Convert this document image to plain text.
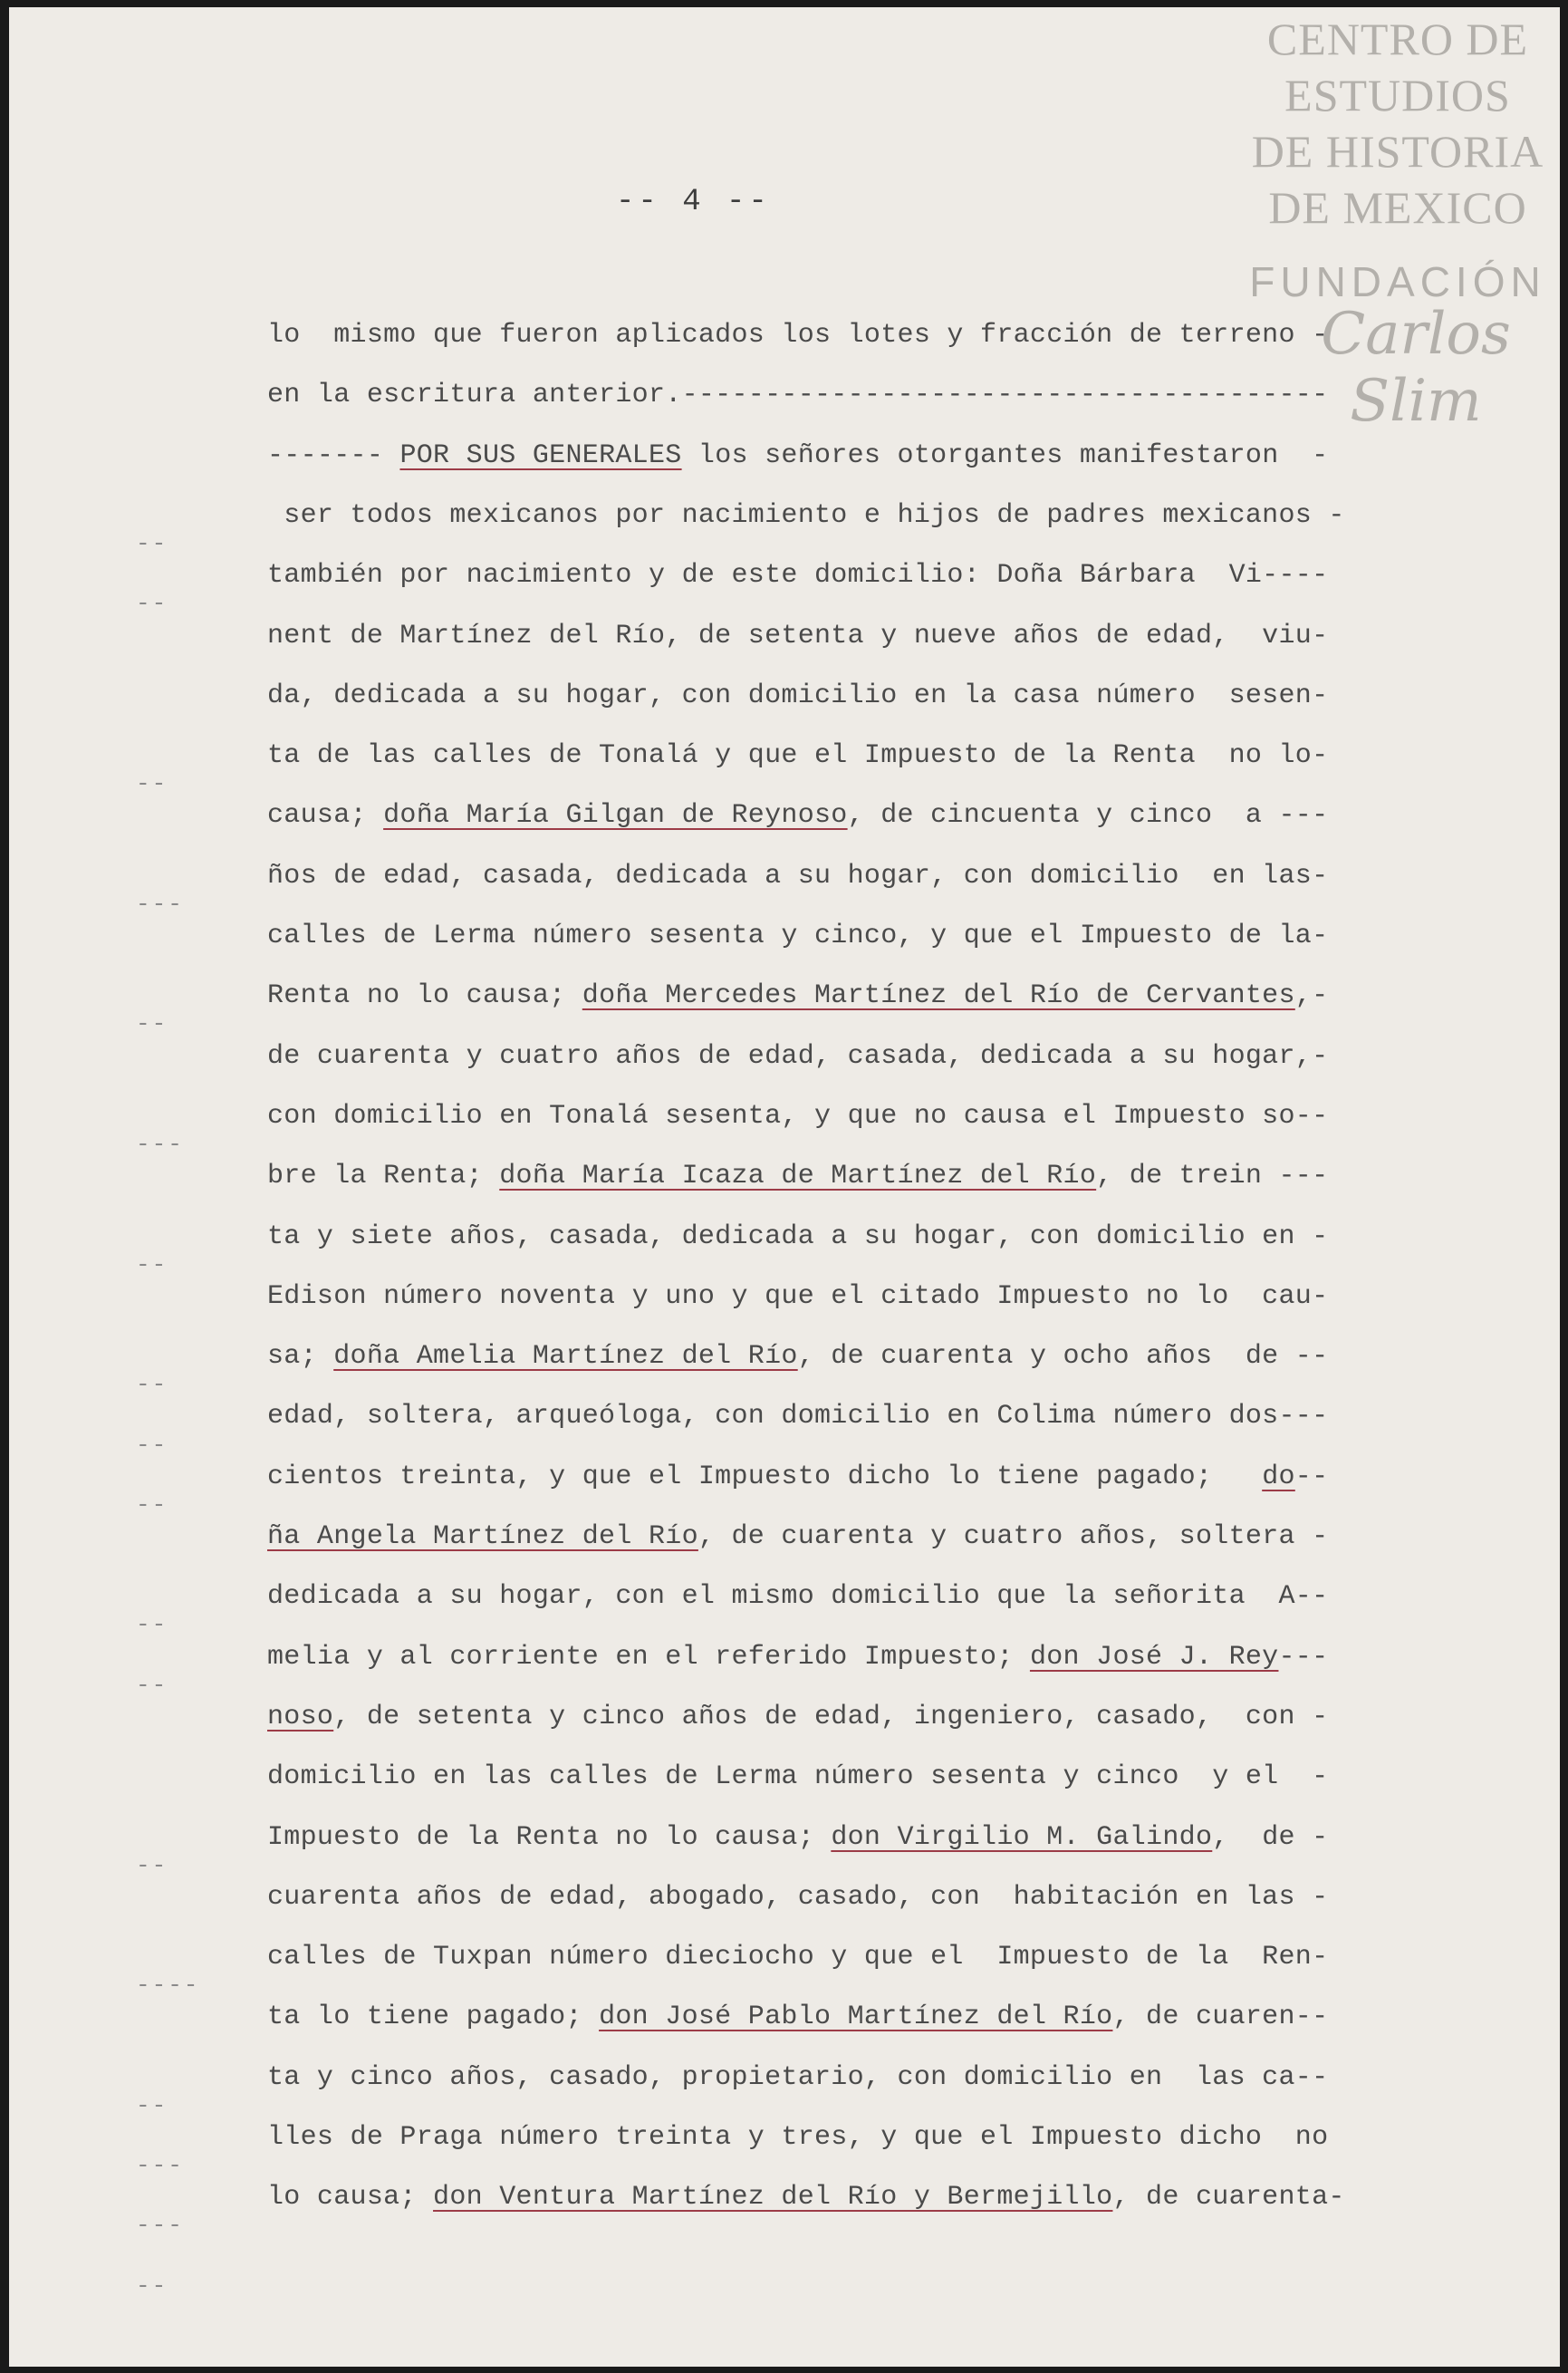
CENTRO DE
ESTUDIOS
DE HISTORIA
DE MEXICO
FUNDACIÓN
Carlos Slim
-- 4 --
lo  mismo que fueron aplicados los lotes y fracción de terreno -
en la escritura anterior.---------------------------------------
------- POR SUS GENERALES los señores otorgantes manifestaron  -
ser todos mexicanos por nacimiento e hijos de padres mexicanos -
también por nacimiento y de este domicilio: Doña Bárbara  Vi----
nent de Martínez del Río, de setenta y nueve años de edad,  viu-
da, dedicada a su hogar, con domicilio en la casa número  sesen-
ta de las calles de Tonalá y que el Impuesto de la Renta  no lo-
causa; doña María Gilgan de Reynoso, de cincuenta y cinco  a ---
ños de edad, casada, dedicada a su hogar, con domicilio  en las-
calles de Lerma número sesenta y cinco, y que el Impuesto de la-
Renta no lo causa; doña Mercedes Martínez del Río de Cervantes,-
de cuarenta y cuatro años de edad, casada, dedicada a su hogar,-
con domicilio en Tonalá sesenta, y que no causa el Impuesto so--
bre la Renta; doña María Icaza de Martínez del Río, de trein ---
ta y siete años, casada, dedicada a su hogar, con domicilio en -
Edison número noventa y uno y que el citado Impuesto no lo  cau-
sa; doña Amelia Martínez del Río, de cuarenta y ocho años  de --
edad, soltera, arqueóloga, con domicilio en Colima número dos---
cientos treinta, y que el Impuesto dicho lo tiene pagado;   do--
ña Angela Martínez del Río, de cuarenta y cuatro años, soltera -
dedicada a su hogar, con el mismo domicilio que la señorita  A--
melia y al corriente en el referido Impuesto; don José J. Rey---
noso, de setenta y cinco años de edad, ingeniero, casado,  con -
domicilio en las calles de Lerma número sesenta y cinco  y el  -
Impuesto de la Renta no lo causa; don Virgilio M. Galindo,  de -
cuarenta años de edad, abogado, casado, con  habitación en las -
calles de Tuxpan número dieciocho y que el  Impuesto de la  Ren-
ta lo tiene pagado; don José Pablo Martínez del Río, de cuaren--
ta y cinco años, casado, propietario, con domicilio en  las ca--
lles de Praga número treinta y tres, y que el Impuesto dicho  no
lo causa; don Ventura Martínez del Río y Bermejillo, de cuarenta-
--
--
--
---
--
---
--
--
--
--
--
--
--
----
--
---
---
--
